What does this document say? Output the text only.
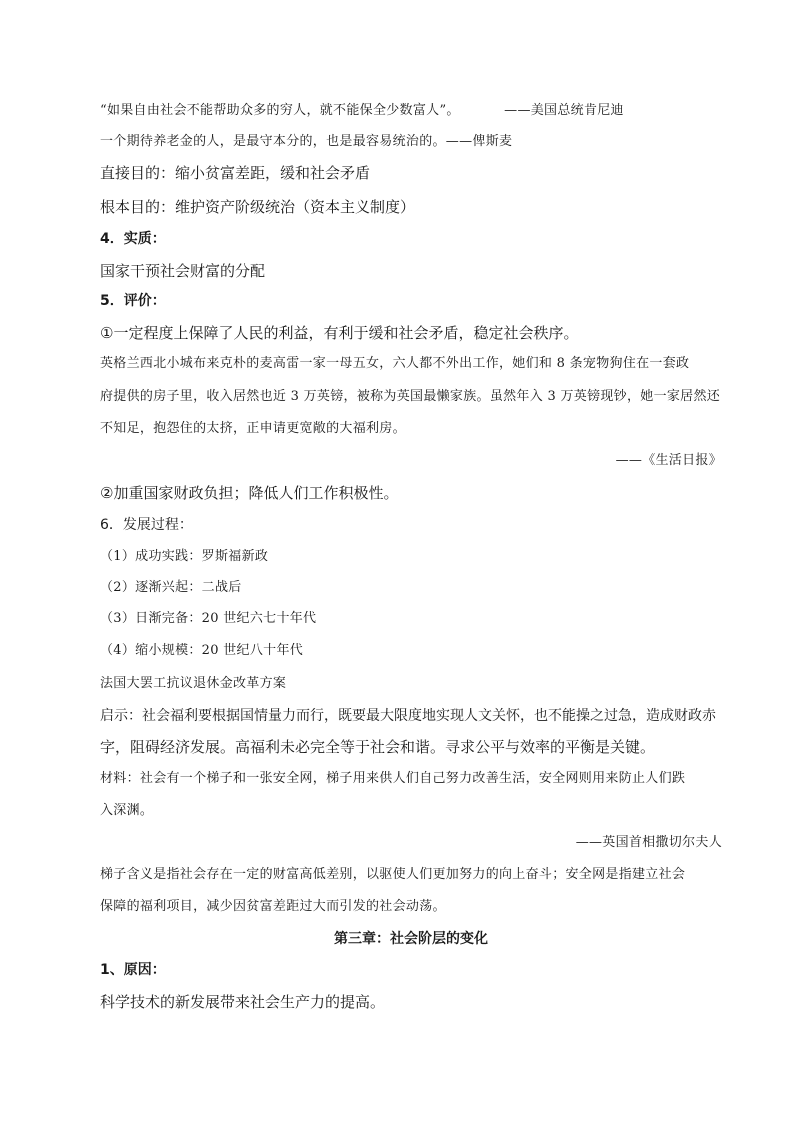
“如果自由社会不能帮助众多的穷人，就不能保全少数富人”。	——美国总统肯尼迪
一个期待养老金的人，是最守本分的，也是最容易统治的。——俾斯麦
直接目的：缩小贫富差距，缓和社会矛盾
根本目的：维护资产阶级统治（资本主义制度）
4．实质：
国家干预社会财富的分配
5．评价：
①一定程度上保障了人民的利益，有利于缓和社会矛盾，稳定社会秩序。
英格兰西北小城布来克朴的麦高雷一家一母五女，六人都不外出工作，她们和 8 条宠物狗住在一套政
府提供的房子里，收入居然也近 3 万英镑，被称为英国最懒家族。虽然年入 3 万英镑现钞，她一家居然还
不知足，抱怨住的太挤，正申请更宽敞的大福利房。
——《生活日报》
②加重国家财政负担；降低人们工作积极性。
6．发展过程：
（1）成功实践：罗斯福新政
（2）逐渐兴起：二战后
（3）日渐完备：20 世纪六七十年代
（4）缩小规模：20 世纪八十年代
法国大罢工抗议退休金改革方案
启示：社会福利要根据国情量力而行，既要最大限度地实现人文关怀，也不能操之过急，造成财政赤
字，阻碍经济发展。高福利未必完全等于社会和谐。寻求公平与效率的平衡是关键。
材料：社会有一个梯子和一张安全网，梯子用来供人们自己努力改善生活，安全网则用来防止人们跌
入深渊。
——英国首相撒切尔夫人
梯子含义是指社会存在一定的财富高低差别，以驱使人们更加努力的向上奋斗；安全网是指建立社会
保障的福利项目，减少因贫富差距过大而引发的社会动荡。
第三章：社会阶层的变化
1、原因：
科学技术的新发展带来社会生产力的提高。
